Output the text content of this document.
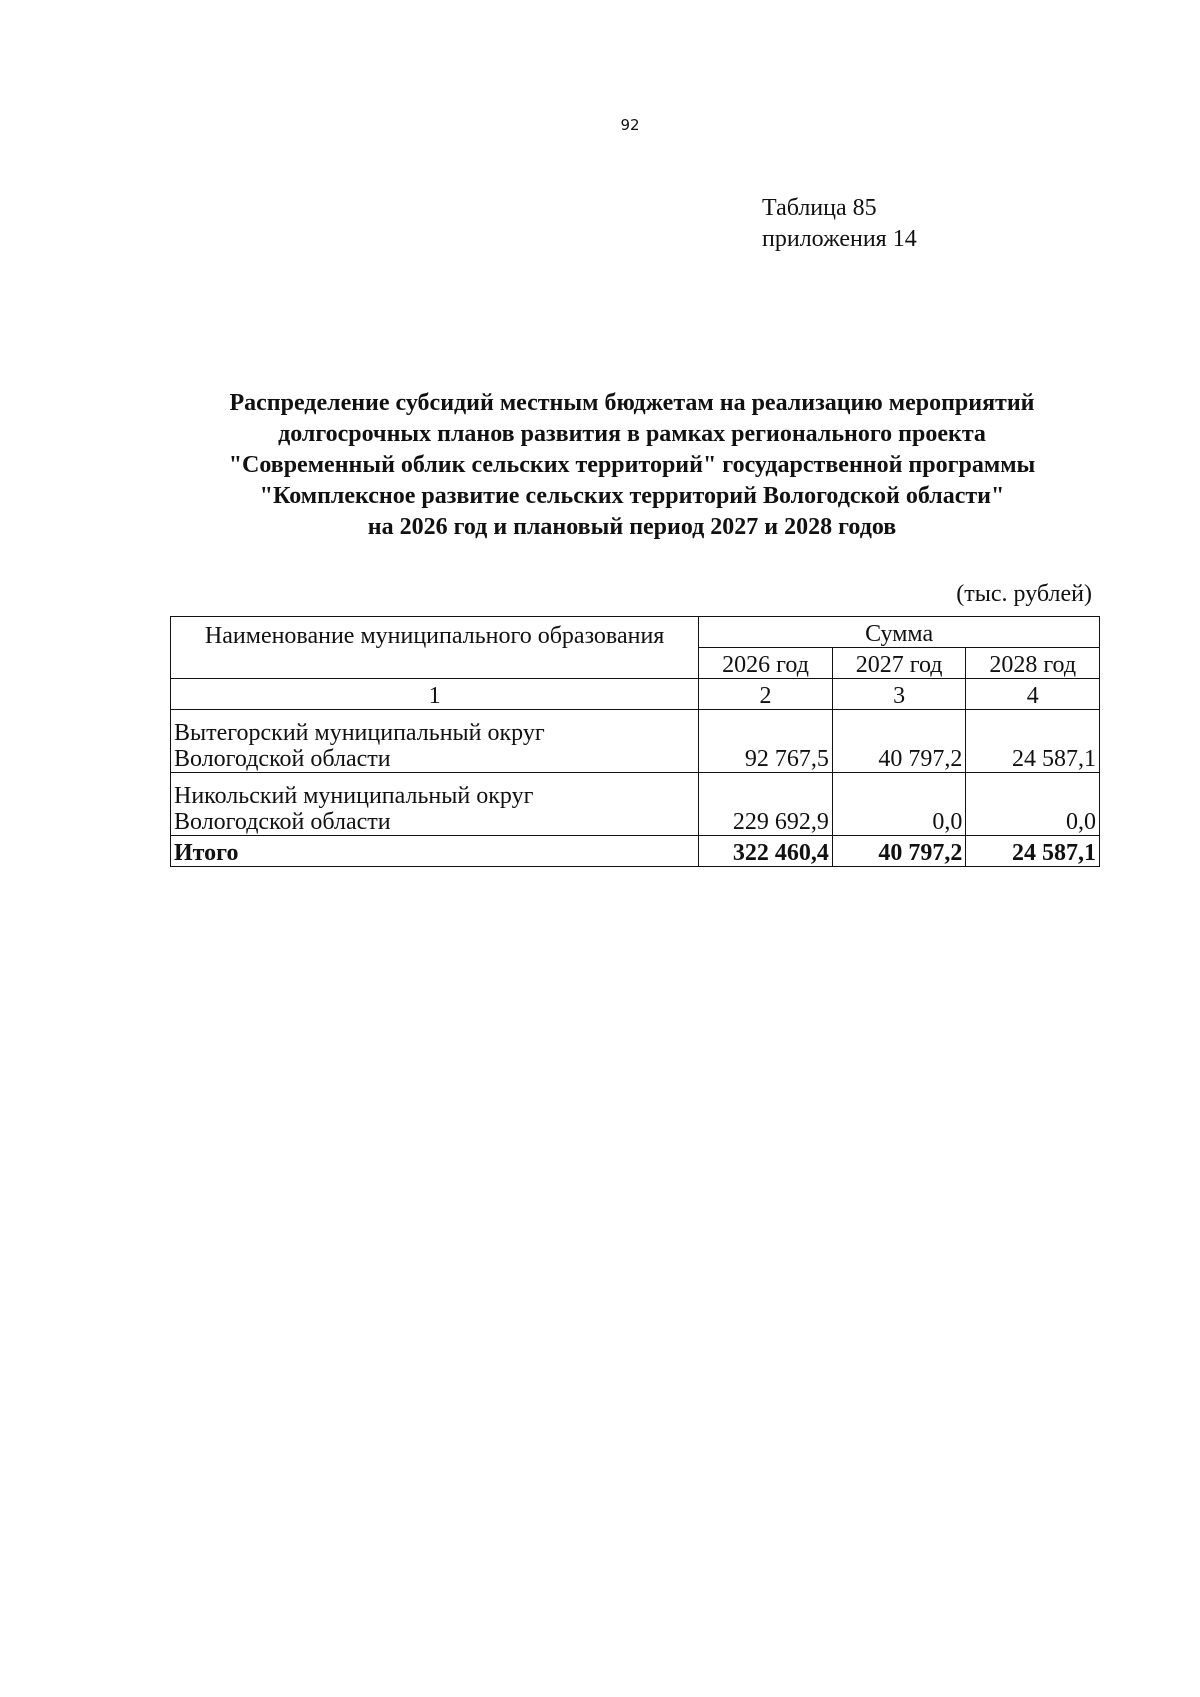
92
Таблица 85
приложения 14
Распределение субсидий местным бюджетам на реализацию мероприятий
долгосрочных планов развития в рамках регионального проекта
"Современный облик сельских территорий" государственной программы
"Комплексное развитие сельских территорий Вологодской области"
на 2026 год и плановый период 2027 и 2028 годов
(тыс. рублей)
Наименование муниципального образования	Сумма		
	2026 год	2027 год	2028 год
1	2	3	4

Вытегорский муниципальный округ
Вологодской области	92 767,5	40 797,2	24 587,1

Никольский муниципальный округ
Вологодской области	229 692,9	0,0	0,0
Итого	322 460,4	40 797,2	24 587,1
